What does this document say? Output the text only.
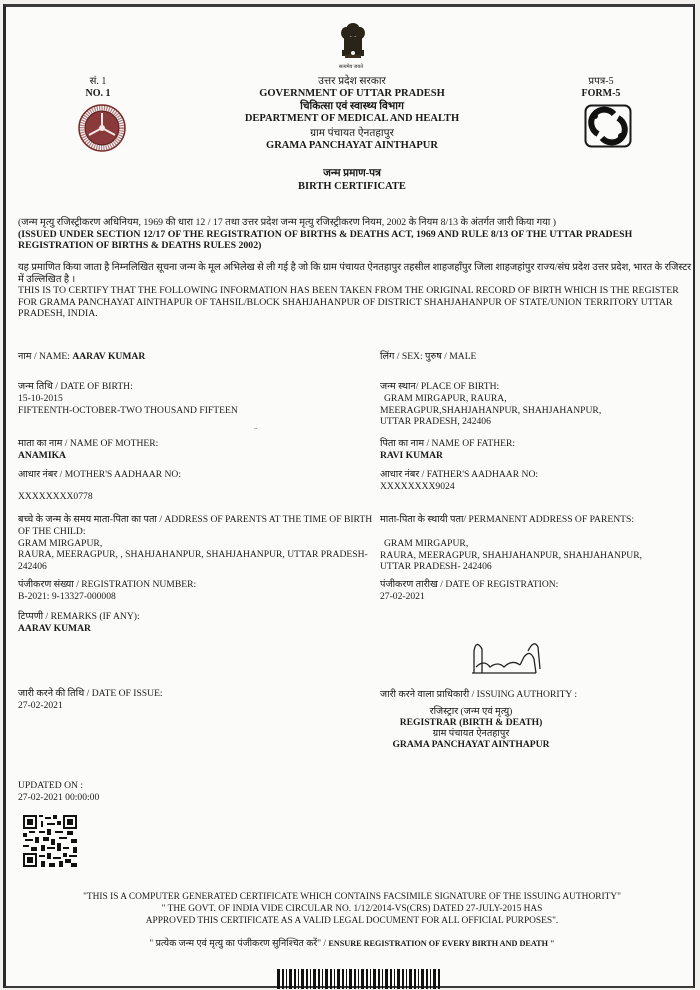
सत्यमेव जयते
सं. 1
NO. 1
प्रपत्र-5
FORM-5
उत्तर प्रदेश सरकार
GOVERNMENT OF UTTAR PRADESH
चिकित्सा एवं स्वास्थ्य विभाग
DEPARTMENT OF MEDICAL AND HEALTH
ग्राम पंचायत ऐनतहापुर
GRAMA PANCHAYAT AINTHAPUR
जन्म प्रमाण-पत्र
BIRTH CERTIFICATE
(जन्म मृत्यु रजिस्ट्रीकरण अधिनियम, 1969 की धारा 12 / 17 तथा उत्तर प्रदेश जन्म मृत्यु रजिस्ट्रीकरण नियम, 2002 के नियम 8/13 के अंतर्गत जारी किया गया )
(ISSUED UNDER SECTION 12/17 OF THE REGISTRATION OF BIRTHS & DEATHS ACT, 1969 AND RULE 8/13 OF THE UTTAR PRADESH REGISTRATION OF BIRTHS & DEATHS RULES 2002)
यह प्रमाणित किया जाता है निम्नलिखित सूचना जन्म के मूल अभिलेख से ली गई है जो कि ग्राम पंचायत ऐनतहापुर तहसील शाहजहाँपुर जिला शाहजहांपुर राज्य/संघ प्रदेश उत्तर प्रदेश, भारत के रजिस्टर में उल्लिखित है ।
THIS IS TO CERTIFY THAT THE FOLLOWING INFORMATION HAS BEEN TAKEN FROM THE ORIGINAL RECORD OF BIRTH WHICH IS THE REGISTER FOR GRAMA PANCHAYAT AINTHAPUR OF TAHSIL/BLOCK SHAHJAHANPUR OF DISTRICT SHAHJAHANPUR OF STATE/UNION TERRITORY UTTAR PRADESH, INDIA.
नाम / NAME: AARAV KUMAR	लिंग / SEX: पुरुष / MALE
जन्म तिथि / DATE OF BIRTH:
15-10-2015
FIFTEENTH-OCTOBER-TWO THOUSAND FIFTEEN
जन्म स्थान/ PLACE OF BIRTH:
GRAM MIRGAPUR, RAURA,
MEERAGPUR,SHAHJAHANPUR, SHAHJAHANPUR,
UTTAR PRADESH, 242406
माता का नाम / NAME OF MOTHER:
ANAMIKA
पिता का नाम / NAME OF FATHER:
RAVI KUMAR
आधार नंबर / MOTHER'S AADHAAR NO:
XXXXXXXX0778
आधार नंबर / FATHER'S AADHAAR NO:
XXXXXXXX9024
बच्चे के जन्म के समय माता-पिता का पता / ADDRESS OF PARENTS AT THE TIME OF BIRTH OF THE CHILD:
GRAM MIRGAPUR,
RAURA, MEERAGPUR, , SHAHJAHANPUR, SHAHJAHANPUR, UTTAR PRADESH-
242406
माता-पिता के स्थायी पता/ PERMANENT ADDRESS OF PARENTS:
GRAM MIRGAPUR,
RAURA, MEERAGPUR, SHAHJAHANPUR, SHAHJAHANPUR,
UTTAR PRADESH- 242406
पंजीकरण संख्या / REGISTRATION NUMBER:
B-2021: 9-13327-000008
पंजीकरण तारीख / DATE OF REGISTRATION:
27-02-2021
टिप्पणी / REMARKS (IF ANY):
AARAV KUMAR
निशा देवी
जारी करने की तिथि / DATE OF ISSUE:
27-02-2021
जारी करने वाला प्राधिकारी / ISSUING AUTHORITY :
रजिस्ट्रार (जन्म एवं मृत्यु)
REGISTRAR (BIRTH & DEATH)
ग्राम पंचायत ऐनतहापुर
GRAMA PANCHAYAT AINTHAPUR
UPDATED ON :
27-02-2021 00:00:00
"THIS IS A COMPUTER GENERATED CERTIFICATE WHICH CONTAINS FACSIMILE SIGNATURE OF THE ISSUING AUTHORITY"
" THE GOVT. OF INDIA VIDE CIRCULAR NO. 1/12/2014-VS(CRS) DATED 27-JULY-2015 HAS
APPROVED THIS CERTIFICATE AS A VALID LEGAL DOCUMENT FOR ALL OFFICIAL PURPOSES".
" प्रत्येक जन्म एवं मृत्यु का पंजीकरण सुनिश्चित करें" / ENSURE REGISTRATION OF EVERY BIRTH AND DEATH "
